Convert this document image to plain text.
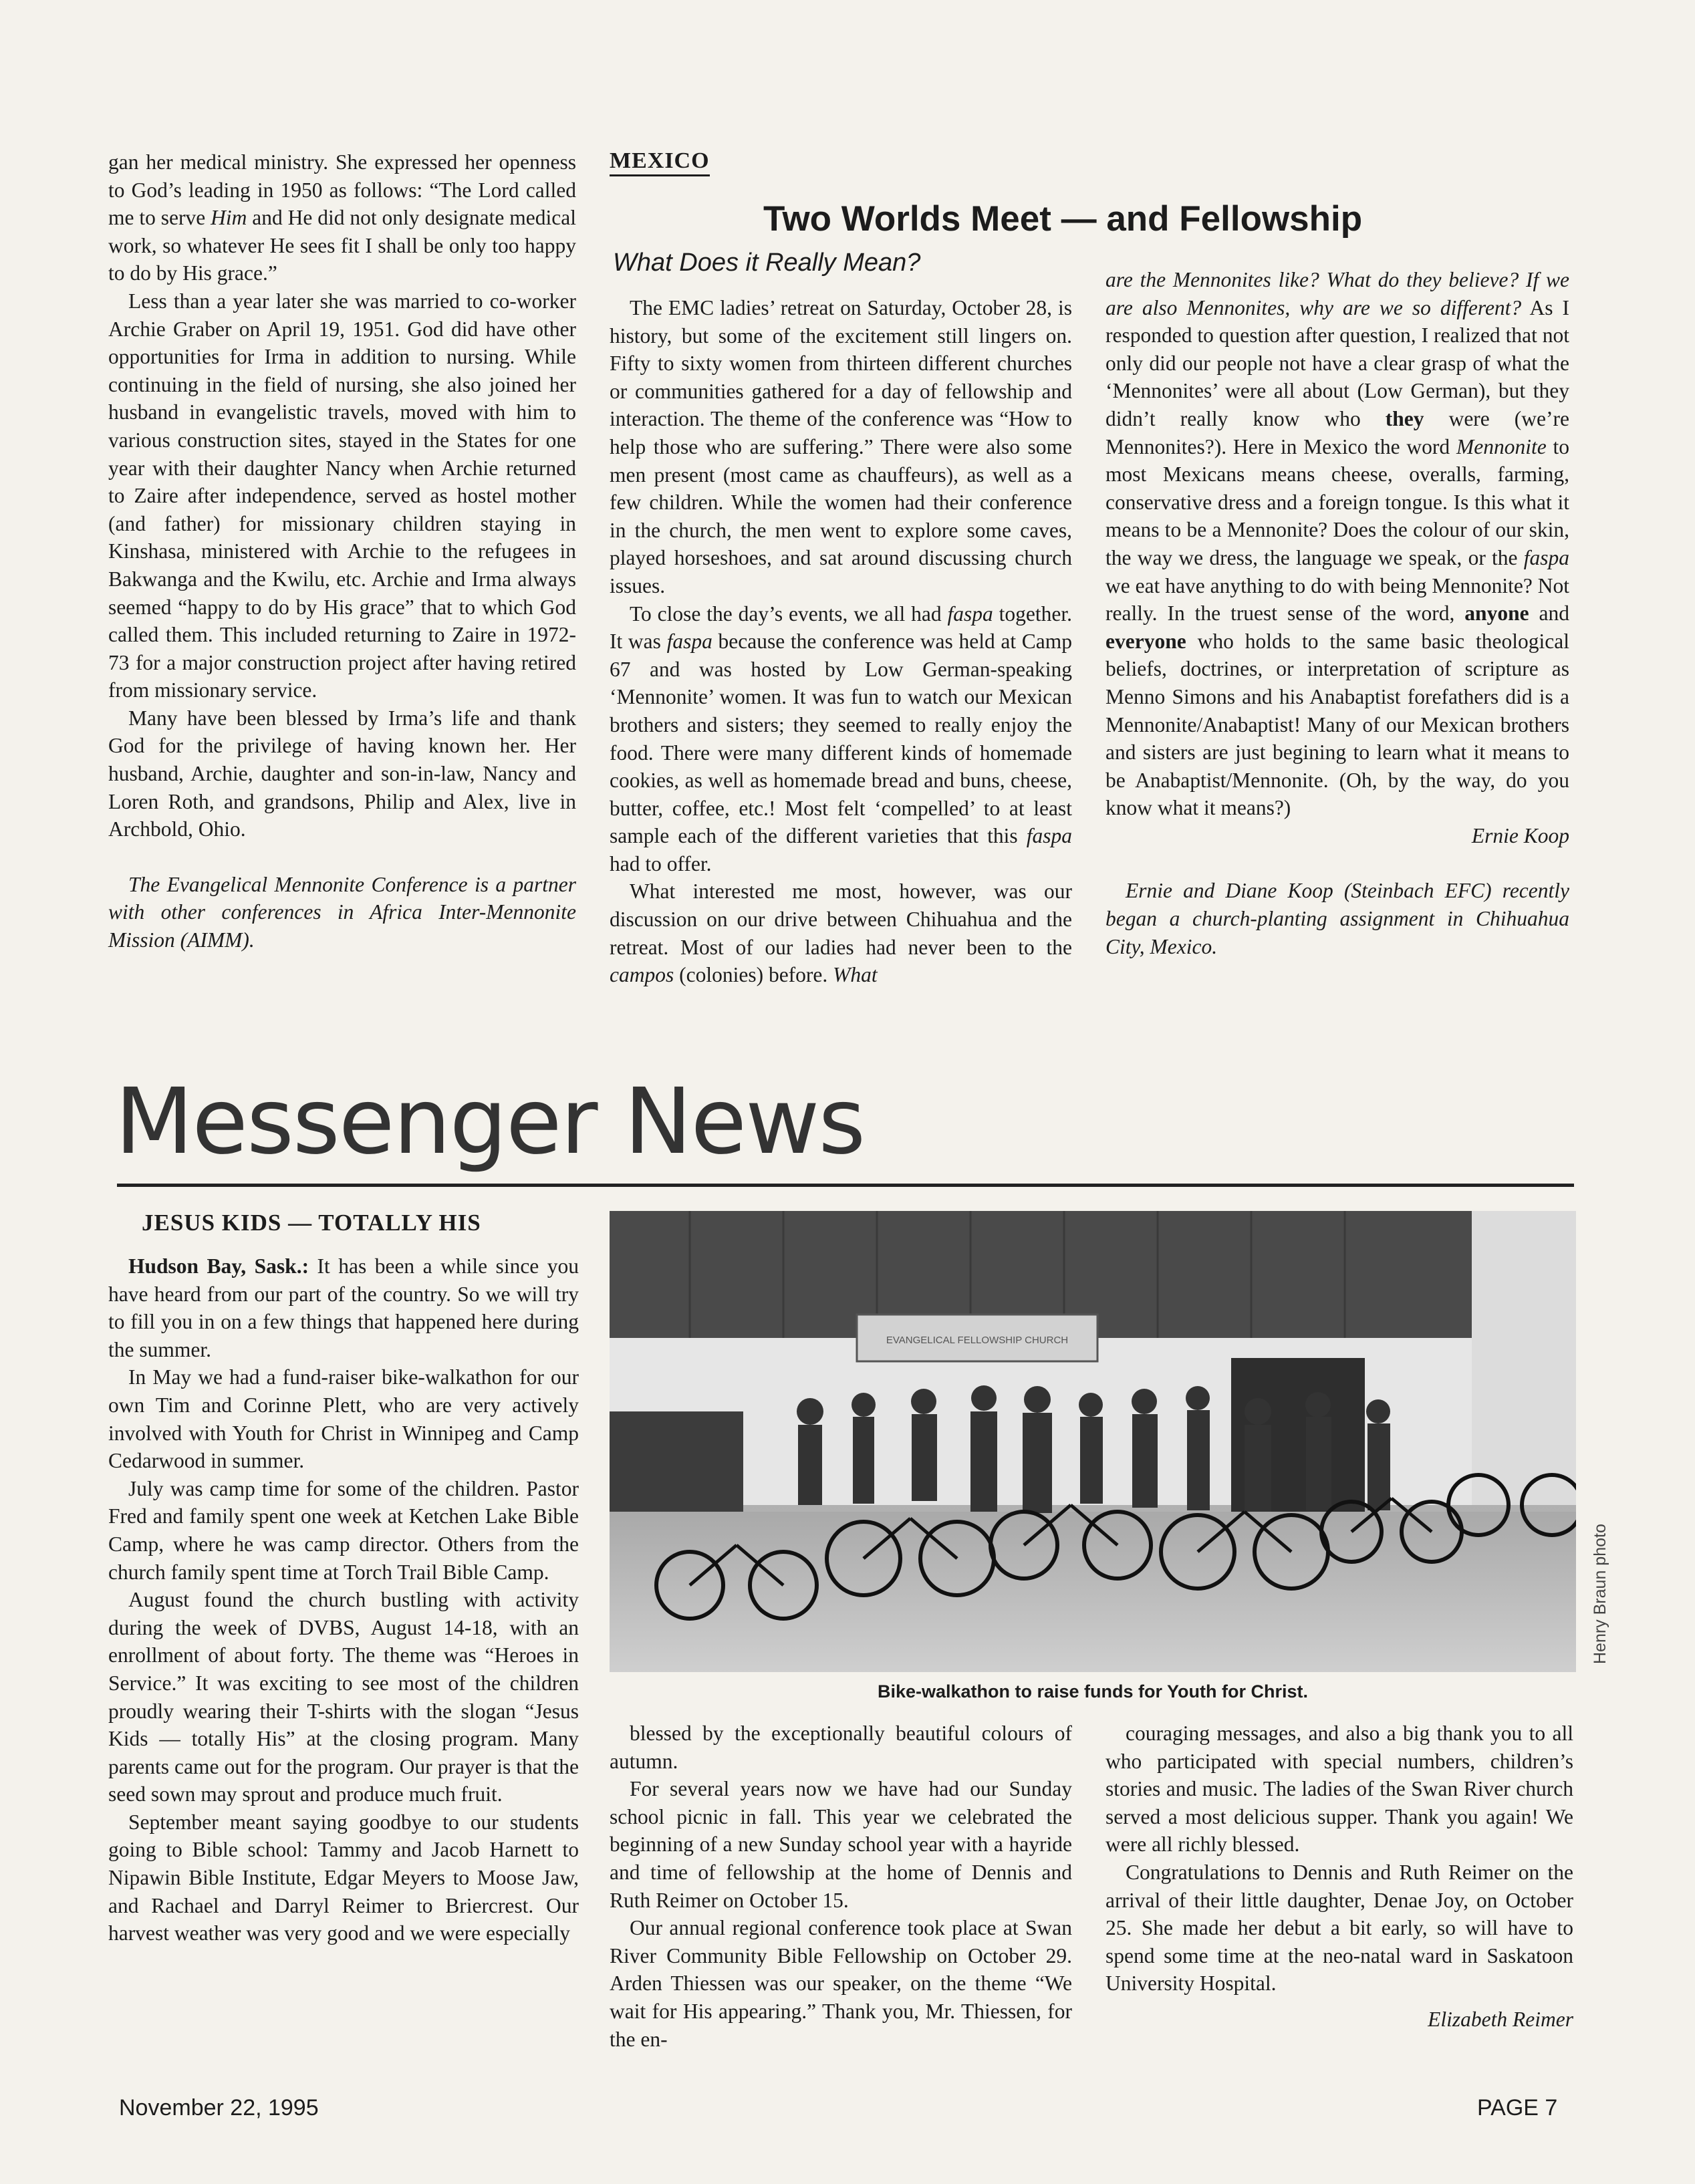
gan her medical ministry. She expressed her openness to God’s leading in 1950 as follows: “The Lord called me to serve Him and He did not only designate medical work, so whatever He sees fit I shall be only too happy to do by His grace.”

Less than a year later she was married to co-worker Archie Graber on April 19, 1951. God did have other opportunities for Irma in addition to nursing. While continuing in the field of nursing, she also joined her husband in evangelistic travels, moved with him to various construction sites, stayed in the States for one year with their daughter Nancy when Archie returned to Zaire after independence, served as hostel mother (and father) for missionary children staying in Kinshasa, ministered with Archie to the refugees in Bakwanga and the Kwilu, etc. Archie and Irma always seemed “happy to do by His grace” that to which God called them. This included returning to Zaire in 1972-73 for a major construction project after having retired from missionary service.

Many have been blessed by Irma’s life and thank God for the privilege of having known her. Her husband, Archie, daughter and son-in-law, Nancy and Loren Roth, and grandsons, Philip and Alex, live in Archbold, Ohio.

The Evangelical Mennonite Conference is a partner with other conferences in Africa Inter-Mennonite Mission (AIMM).

MEXICO
Two Worlds Meet — and Fellowship
What Does it Really Mean?

The EMC ladies’ retreat on Saturday, October 28, is history, but some of the excitement still lingers on. Fifty to sixty women from thirteen different churches or communities gathered for a day of fellowship and interaction. The theme of the conference was “How to help those who are suffering.” There were also some men present (most came as chauffeurs), as well as a few children. While the women had their conference in the church, the men went to explore some caves, played horseshoes, and sat around discussing church issues.

To close the day’s events, we all had faspa together. It was faspa because the conference was held at Camp 67 and was hosted by Low German-speaking ‘Mennonite’ women. It was fun to watch our Mexican brothers and sisters; they seemed to really enjoy the food. There were many different kinds of homemade cookies, as well as homemade bread and buns, cheese, butter, coffee, etc.! Most felt ‘compelled’ to at least sample each of the different varieties that this faspa had to offer.

What interested me most, however, was our discussion on our drive between Chihuahua and the retreat. Most of our ladies had never been to the campos (colonies) before. What

are the Mennonites like? What do they believe? If we are also Mennonites, why are we so different? As I responded to question after question, I realized that not only did our people not have a clear grasp of what the ‘Mennonites’ were all about (Low German), but they didn’t really know who they were (we’re Mennonites?). Here in Mexico the word Mennonite to most Mexicans means cheese, overalls, farming, conservative dress and a foreign tongue. Is this what it means to be a Mennonite? Does the colour of our skin, the way we dress, the language we speak, or the faspa we eat have anything to do with being Mennonite? Not really. In the truest sense of the word, anyone and everyone who holds to the same basic theological beliefs, doctrines, or interpretation of scripture as Menno Simons and his Anabaptist forefathers did is a Mennonite/Anabaptist! Many of our Mexican brothers and sisters are just begining to learn what it means to be Anabaptist/Mennonite. (Oh, by the way, do you know what it means?)

Ernie Koop

Ernie and Diane Koop (Steinbach EFC) recently began a church-planting assignment in Chihuahua City, Mexico.

Messenger News
JESUS KIDS — TOTALLY HIS

Hudson Bay, Sask.: It has been a while since you have heard from our part of the country. So we will try to fill you in on a few things that happened here during the summer.

In May we had a fund-raiser bike-walkathon for our own Tim and Corinne Plett, who are very actively involved with Youth for Christ in Winnipeg and Camp Cedarwood in summer.

July was camp time for some of the children. Pastor Fred and family spent one week at Ketchen Lake Bible Camp, where he was camp director. Others from the church family spent time at Torch Trail Bible Camp.

August found the church bustling with activity during the week of DVBS, August 14-18, with an enrollment of about forty. The theme was “Heroes in Service.” It was exciting to see most of the children proudly wearing their T-shirts with the slogan “Jesus Kids — totally His” at the closing program. Many parents came out for the program. Our prayer is that the seed sown may sprout and produce much fruit.

September meant saying goodbye to our students going to Bible school: Tammy and Jacob Harnett to Nipawin Bible Institute, Edgar Meyers to Moose Jaw, and Rachael and Darryl Reimer to Briercrest. Our harvest weather was very good and we were especially

EVANGELICAL FELLOWSHIP CHURCH
Henry Braun photo
Bike-walkathon to raise funds for Youth for Christ.

blessed by the exceptionally beautiful colours of autumn.

For several years now we have had our Sunday school picnic in fall. This year we celebrated the beginning of a new Sunday school year with a hayride and time of fellowship at the home of Dennis and Ruth Reimer on October 15.

Our annual regional conference took place at Swan River Community Bible Fellowship on October 29. Arden Thiessen was our speaker, on the theme “We wait for His appearing.” Thank you, Mr. Thiessen, for the en-

couraging messages, and also a big thank you to all who participated with special numbers, children’s stories and music. The ladies of the Swan River church served a most delicious supper. Thank you again! We were all richly blessed.

Congratulations to Dennis and Ruth Reimer on the arrival of their little daughter, Denae Joy, on October 25. She made her debut a bit early, so will have to spend some time at the neo-natal ward in Saskatoon University Hospital.

Elizabeth Reimer

November 22, 1995	PAGE 7
